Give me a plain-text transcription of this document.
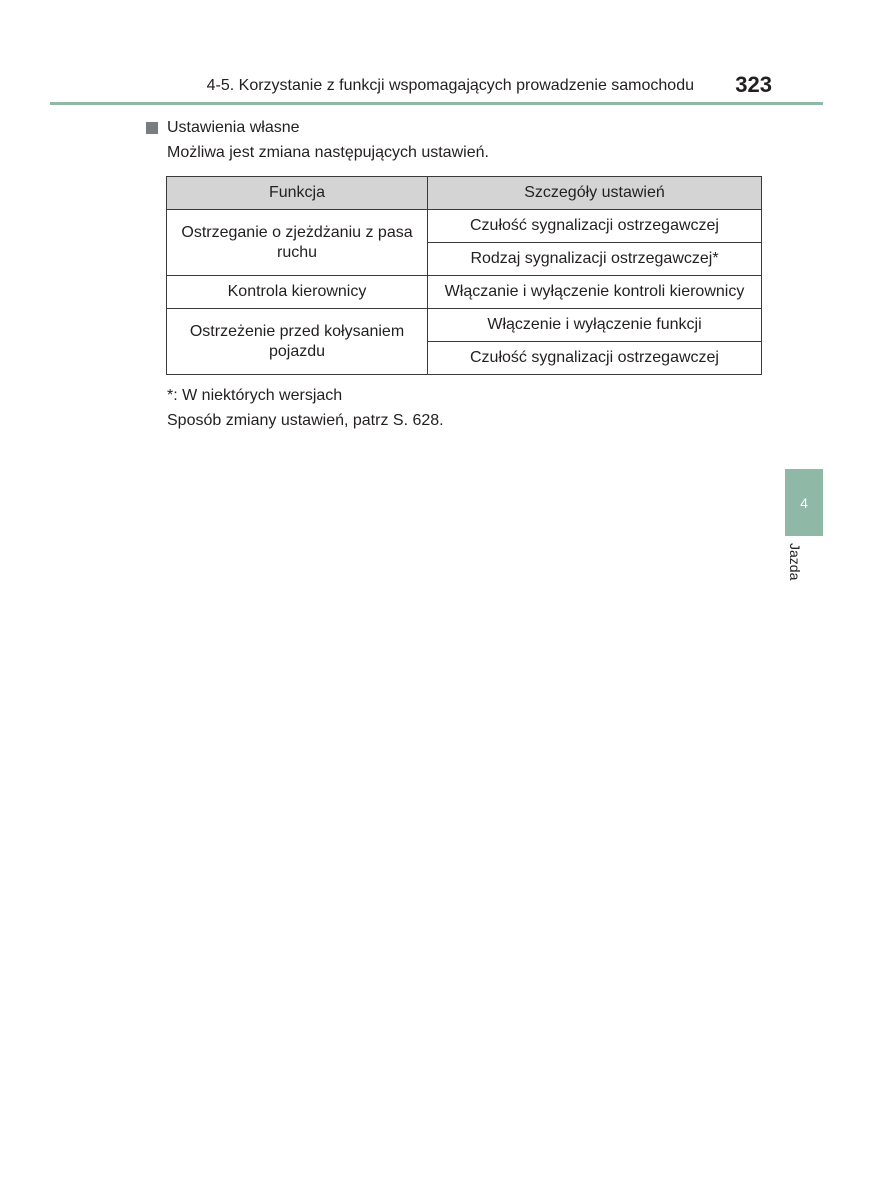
4-5. Korzystanie z funkcji wspomagających prowadzenie samochodu 323
Ustawienia własne
Możliwa jest zmiana następujących ustawień.
Funkcja	Szczegóły ustawień
Ostrzeganie o zjeżdżaniu z pasa ruchu	Czułość sygnalizacji ostrzegawczej
	Rodzaj sygnalizacji ostrzegawczej*
Kontrola kierownicy	Włączanie i wyłączenie kontroli kierownicy
Ostrzeżenie przed kołysaniem pojazdu	Włączenie i wyłączenie funkcji
	Czułość sygnalizacji ostrzegawczej
*: W niektórych wersjach
Sposób zmiany ustawień, patrz S. 628.
4
Jazda
